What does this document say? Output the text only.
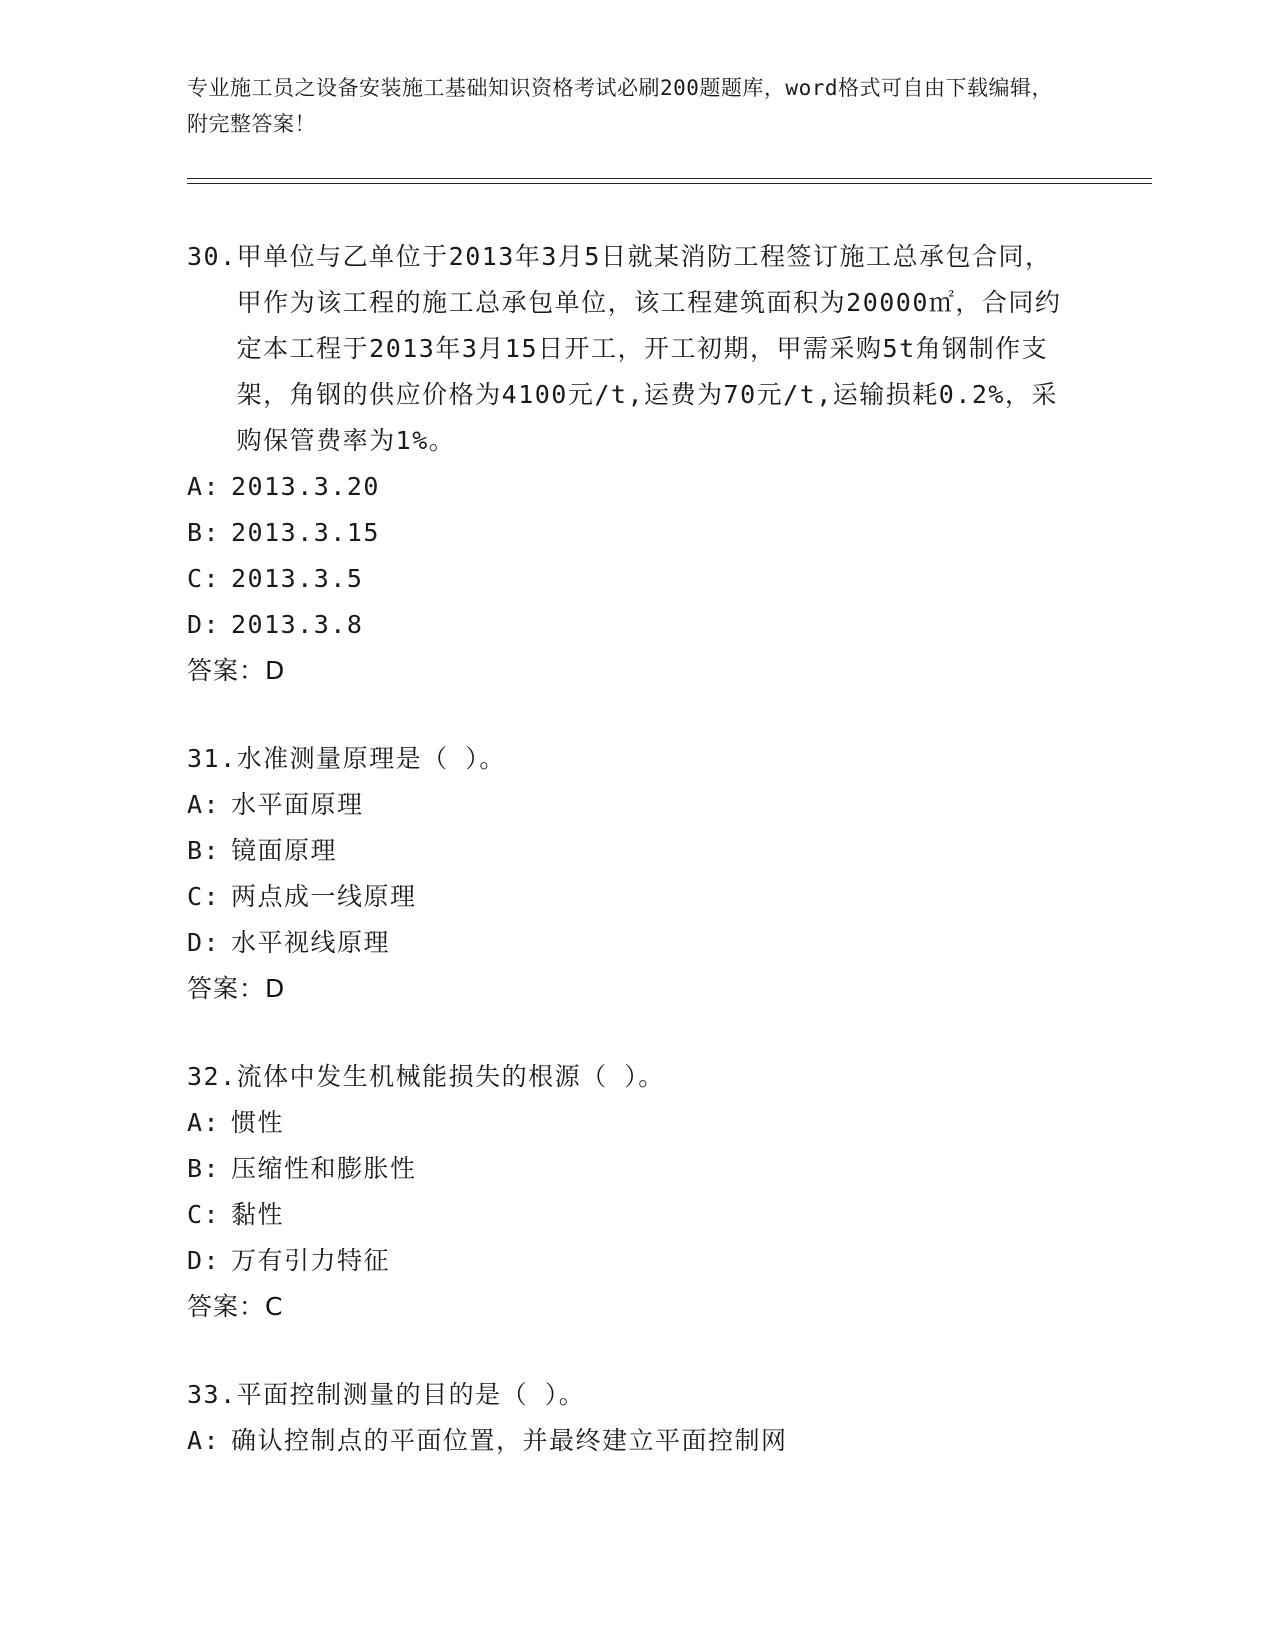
专业施工员之设备安装施工基础知识资格考试必刷200题题库，word格式可自由下载编辑，附完整答案！
30. 甲单位与乙单位于2013年3月5日就某消防工程签订施工总承包合同，甲作为该工程的施工总承包单位，该工程建筑面积为20000㎡，合同约定本工程于2013年3月15日开工，开工初期，甲需采购5t角钢制作支架，角钢的供应价格为4100元/t,运费为70元/t,运输损耗0.2%，采购保管费率为1%。
A: 2013.3.20
B: 2013.3.15
C: 2013.3.5
D: 2013.3.8
答案：D
31. 水准测量原理是（ ）。
A: 水平面原理
B: 镜面原理
C: 两点成一线原理
D: 水平视线原理
答案：D
32. 流体中发生机械能损失的根源（ ）。
A: 惯性
B: 压缩性和膨胀性
C: 黏性
D: 万有引力特征
答案：C
33. 平面控制测量的目的是（ ）。
A: 确认控制点的平面位置，并最终建立平面控制网
